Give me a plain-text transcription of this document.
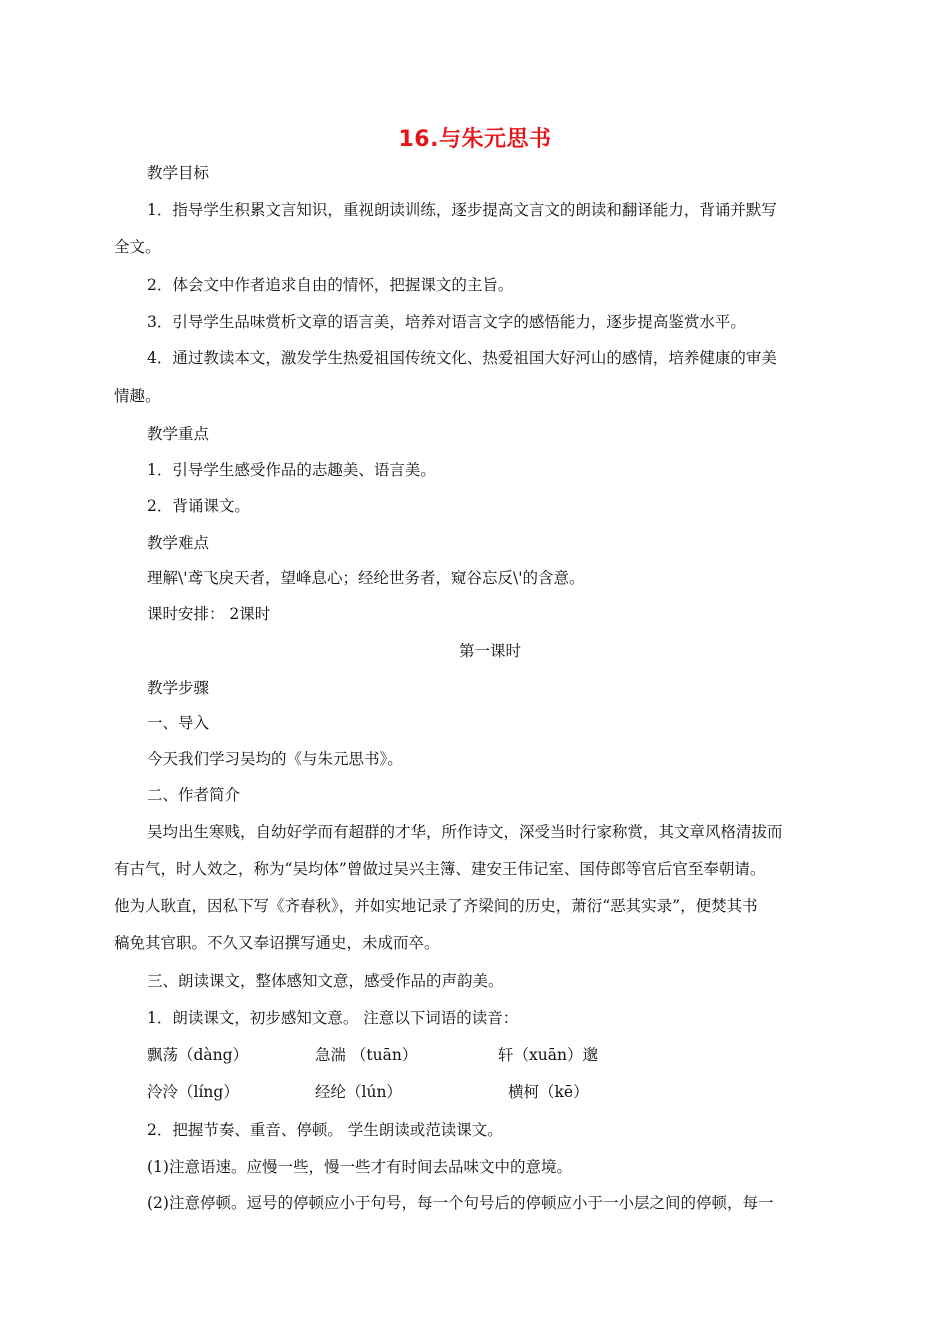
16.与朱元思书
教学目标
1．指导学生积累文言知识，重视朗读训练，逐步提高文言文的朗读和翻译能力，背诵并默写
全文。
2．体会文中作者追求自由的情怀，把握课文的主旨。
3．引导学生品味赏析文章的语言美，培养对语言文字的感悟能力，逐步提高鉴赏水平。
4．通过教读本文，激发学生热爱祖国传统文化、热爱祖国大好河山的感情，培养健康的审美
情趣。
教学重点
1．引导学生感受作品的志趣美、语言美。
2．背诵课文。
教学难点
理解\'鸢飞戾天者，望峰息心；经纶世务者，窥谷忘反\'的含意。
课时安排： 2课时
第一课时
教学步骤
一、导入
今天我们学习吴均的《与朱元思书》。
二、作者简介
吴均出生寒贱，自幼好学而有超群的才华，所作诗文，深受当时行家称赏，其文章风格清拔而
有古气，时人效之，称为“吴均体”曾做过吴兴主簿、建安王伟记室、国侍郎等官后官至奉朝请。
他为人耿直，因私下写《齐春秋》，并如实地记录了齐梁间的历史，萧衍“恶其实录”，便焚其书
稿免其官职。不久又奉诏撰写通史，未成而卒。
三、朗读课文，整体感知文意，感受作品的声韵美。
1．朗读课文，初步感知文意。 注意以下词语的读音：
飘荡（dàng）	急湍 （tuān）	轩（xuān）邈
泠泠（líng）	经纶（lún）	横柯（kē）
2．把握节奏、重音、停顿。 学生朗读或范读课文。
(1)注意语速。应慢一些，慢一些才有时间去品味文中的意境。
(2)注意停顿。逗号的停顿应小于句号，每一个句号后的停顿应小于一小层之间的停顿，每一
